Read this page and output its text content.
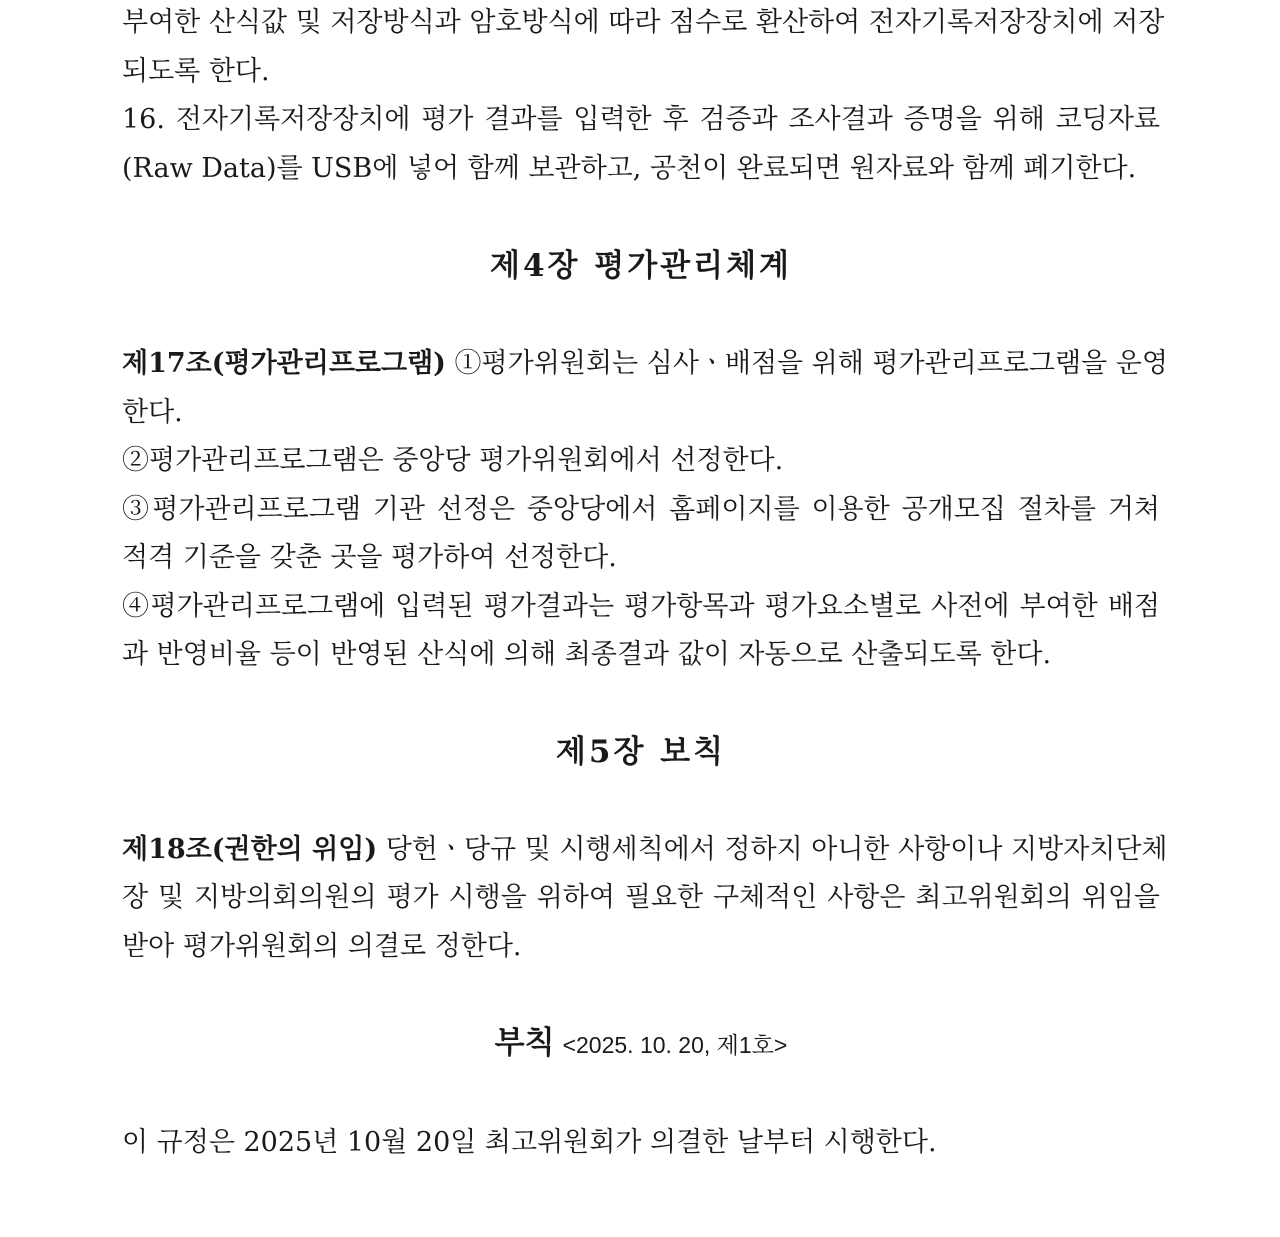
부여한 산식값 및 저장방식과 암호방식에 따라 점수로 환산하여 전자기록저장장치에 저장
되도록 한다.
16. 전자기록저장장치에 평가 결과를 입력한 후 검증과 조사결과 증명을 위해 코딩자료
(Raw Data)를 USB에 넣어 함께 보관하고, 공천이 완료되면 원자료와 함께 폐기한다.
제4장 평가관리체계
제17조(평가관리프로그램) ①평가위원회는 심사ㆍ배점을 위해 평가관리프로그램을 운영
한다.
②평가관리프로그램은 중앙당 평가위원회에서 선정한다.
③평가관리프로그램 기관 선정은 중앙당에서 홈페이지를 이용한 공개모집 절차를 거쳐
적격 기준을 갖춘 곳을 평가하여 선정한다.
④평가관리프로그램에 입력된 평가결과는 평가항목과 평가요소별로 사전에 부여한 배점
과 반영비율 등이 반영된 산식에 의해 최종결과 값이 자동으로 산출되도록 한다.
제5장 보칙
제18조(권한의 위임) 당헌ㆍ당규 및 시행세칙에서 정하지 아니한 사항이나 지방자치단체
장 및 지방의회의원의 평가 시행을 위하여 필요한 구체적인 사항은 최고위원회의 위임을
받아 평가위원회의 의결로 정한다.
부칙 <2025. 10. 20, 제1호>
이 규정은 2025년 10월 20일 최고위원회가 의결한 날부터 시행한다.
